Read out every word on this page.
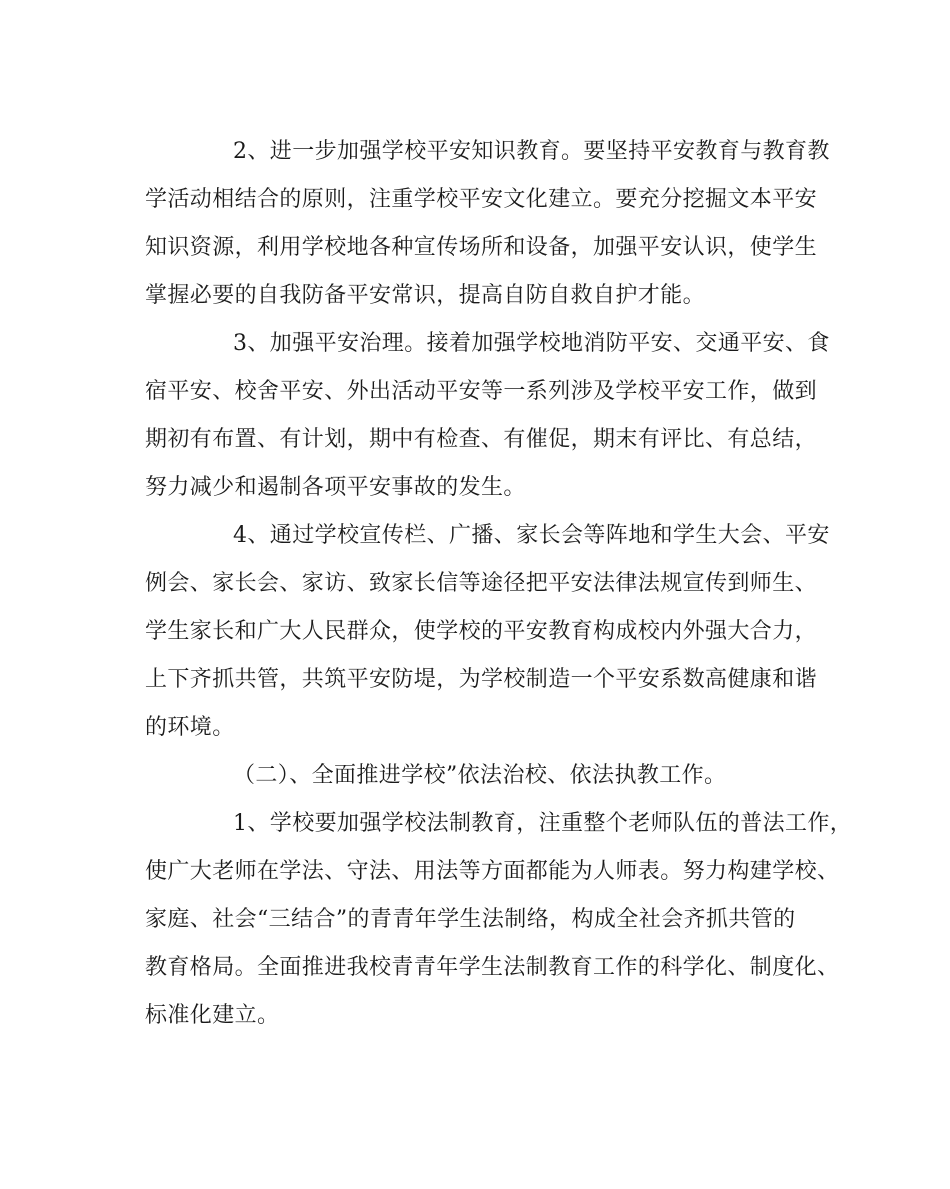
2、进一步加强学校平安知识教育。要坚持平安教育与教育教

学活动相结合的原则，注重学校平安文化建立。要充分挖掘文本平安

知识资源，利用学校地各种宣传场所和设备，加强平安认识，使学生

掌握必要的自我防备平安常识，提高自防自救自护才能。

3、加强平安治理。接着加强学校地消防平安、交通平安、食

宿平安、校舍平安、外出活动平安等一系列涉及学校平安工作，做到

期初有布置、有计划，期中有检查、有催促，期末有评比、有总结，

努力减少和遏制各项平安事故的发生。

4、通过学校宣传栏、广播、家长会等阵地和学生大会、平安

例会、家长会、家访、致家长信等途径把平安法律法规宣传到师生、

学生家长和广大人民群众，使学校的平安教育构成校内外强大合力，

上下齐抓共管，共筑平安防堤，为学校制造一个平安系数高健康和谐

的环境。

（二）、全面推进学校”依法治校、依法执教工作。

1、学校要加强学校法制教育，注重整个老师队伍的普法工作，

使广大老师在学法、守法、用法等方面都能为人师表。努力构建学校、

家庭、社会“三结合”的青青年学生法制络，构成全社会齐抓共管的

教育格局。全面推进我校青青年学生法制教育工作的科学化、制度化、

标准化建立。
